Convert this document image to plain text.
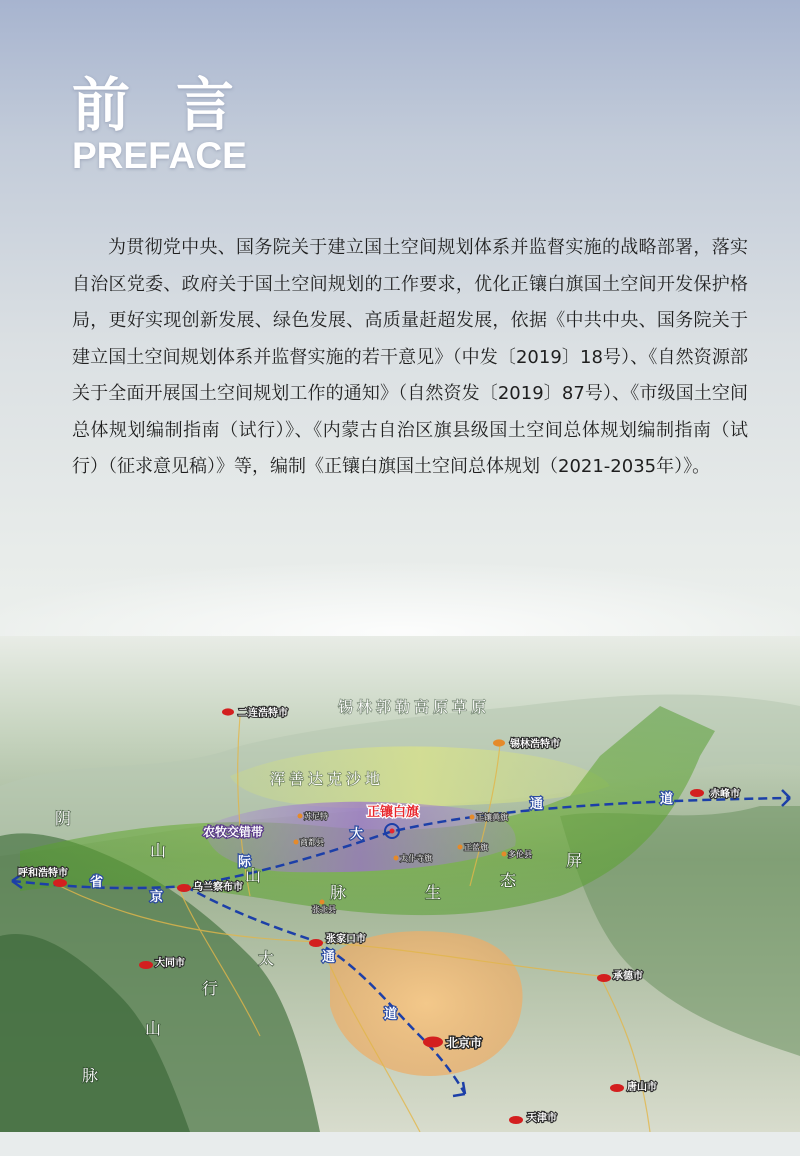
前言
PREFACE

为贯彻党中央、国务院关于建立国土空间规划体系并监督实施的战略部署，落实自治区党委、政府关于国土空间规划的工作要求，优化正镶白旗国土空间开发保护格局，更好实现创新发展、绿色发展、高质量赶超发展，依据《中共中央、国务院关于建立国土空间规划体系并监督实施的若干意见》（中发〔2019〕18号）、《自然资源部关于全面开展国土空间规划工作的通知》（自然资发〔2019〕87号）、《市级国土空间总体规划编制指南（试行）》、《内蒙古自治区旗县级国土空间总体规划编制指南（试行）（征求意见稿）》等，编制《正镶白旗国土空间总体规划（2021-2035年）》。

锡林郭勒高原草原
浑善达克沙地
农牧交错带
阴
山
山
脉	生
态
屏
太
行
山
脉
大
通	道
省
际
京
通
道
二连浩特市
锡林浩特市
赤峰市
呼和浩特市
乌兰察布市
张家口市
大同市
承德市
北京市
唐山市
天津市
正镶白旗
苏尼特	正镶黄旗
商都县
太仆寺旗
正蓝旗
多伦县
张北县
